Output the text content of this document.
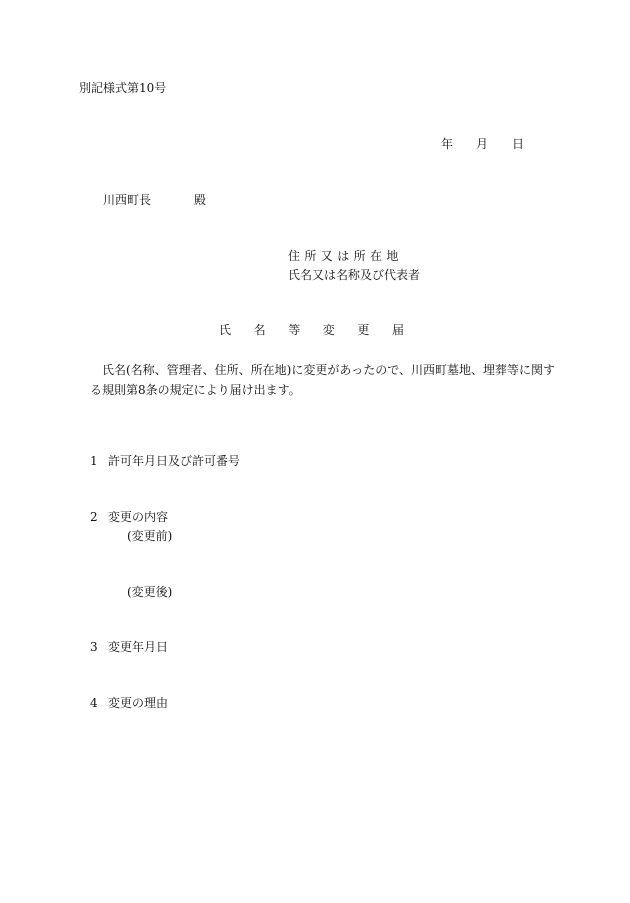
別記様式第10号
年 月 日
川西町長	殿
住所又は所在地
氏名又は名称及び代表者
氏	名	等	変	更	届
氏名(名称、管理者、住所、所在地)に変更があったので、川西町墓地、埋葬等に関する規則第8条の規定により届け出ます。
1 許可年月日及び許可番号
2 変更の内容
(変更前)
(変更後)
3 変更年月日
4 変更の理由
